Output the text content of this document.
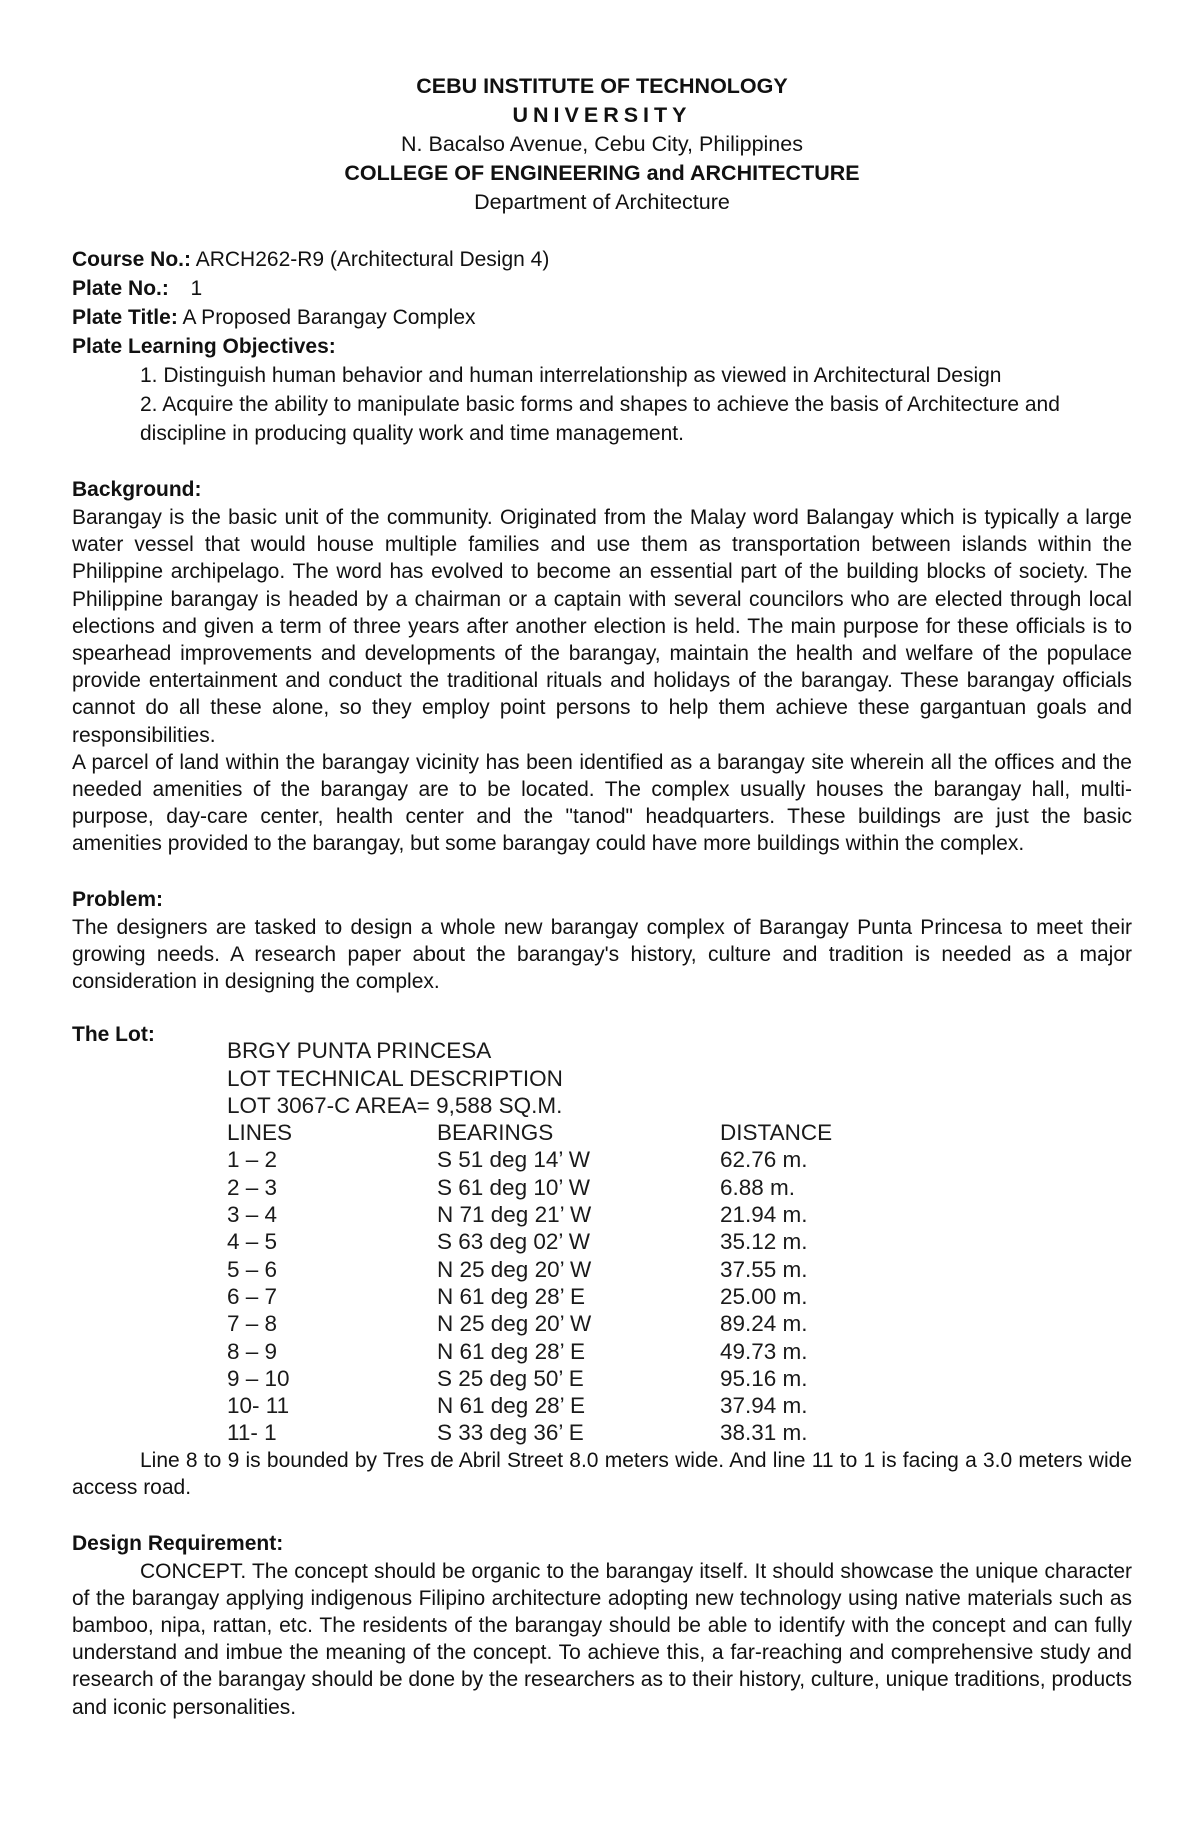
CEBU INSTITUTE OF TECHNOLOGY
UNIVERSITY
N. Bacalso Avenue, Cebu City, Philippines
COLLEGE OF ENGINEERING and ARCHITECTURE
Department of Architecture
Course No.: ARCH262-R9 (Architectural Design 4)
Plate No.: 1
Plate Title: A Proposed Barangay Complex
Plate Learning Objectives:
1. Distinguish human behavior and human interrelationship as viewed in Architectural Design
2. Acquire the ability to manipulate basic forms and shapes to achieve the basis of Architecture and discipline in producing quality work and time management.
Background:

Barangay is the basic unit of the community. Originated from the Malay word Balangay which is typically a large water vessel that would house multiple families and use them as transportation between islands within the Philippine archipelago. The word has evolved to become an essential part of the building blocks of society. The Philippine barangay is headed by a chairman or a captain with several councilors who are elected through local elections and given a term of three years after another election is held. The main purpose for these officials is to spearhead improvements and developments of the barangay, maintain the health and welfare of the populace provide entertainment and conduct the traditional rituals and holidays of the barangay. These barangay officials cannot do all these alone, so they employ point persons to help them achieve these gargantuan goals and responsibilities.

A parcel of land within the barangay vicinity has been identified as a barangay site wherein all the offices and the needed amenities of the barangay are to be located. The complex usually houses the barangay hall, multi-purpose, day-care center, health center and the "tanod" headquarters. These buildings are just the basic amenities provided to the barangay, but some barangay could have more buildings within the complex.

Problem:

The designers are tasked to design a whole new barangay complex of Barangay Punta Princesa to meet their growing needs. A research paper about the barangay's history, culture and tradition is needed as a major consideration in designing the complex.

The Lot:
BRGY PUNTA PRINCESA
LOT TECHNICAL DESCRIPTION
LOT 3067-C AREA= 9,588 SQ.M.
LINES	BEARINGS	DISTANCE
1 – 2	S 51 deg 14’ W	62.76 m.
2 – 3	S 61 deg 10’ W	6.88 m.
3 – 4	N 71 deg 21’ W	21.94 m.
4 – 5	S 63 deg 02’ W	35.12 m.
5 – 6	N 25 deg 20’ W	37.55 m.
6 – 7	N 61 deg 28’ E	25.00 m.
7 – 8	N 25 deg 20’ W	89.24 m.
8 – 9	N 61 deg 28’ E	49.73 m.
9 – 10	S 25 deg 50’ E	95.16 m.
10- 11	N 61 deg 28’ E	37.94 m.
11- 1	S 33 deg 36’ E	38.31 m.

Line 8 to 9 is bounded by Tres de Abril Street 8.0 meters wide. And line 11 to 1 is facing a 3.0 meters wide access road.

Design Requirement:

CONCEPT. The concept should be organic to the barangay itself. It should showcase the unique character of the barangay applying indigenous Filipino architecture adopting new technology using native materials such as bamboo, nipa, rattan, etc. The residents of the barangay should be able to identify with the concept and can fully understand and imbue the meaning of the concept. To achieve this, a far-reaching and comprehensive study and research of the barangay should be done by the researchers as to their history, culture, unique traditions, products and iconic personalities.
